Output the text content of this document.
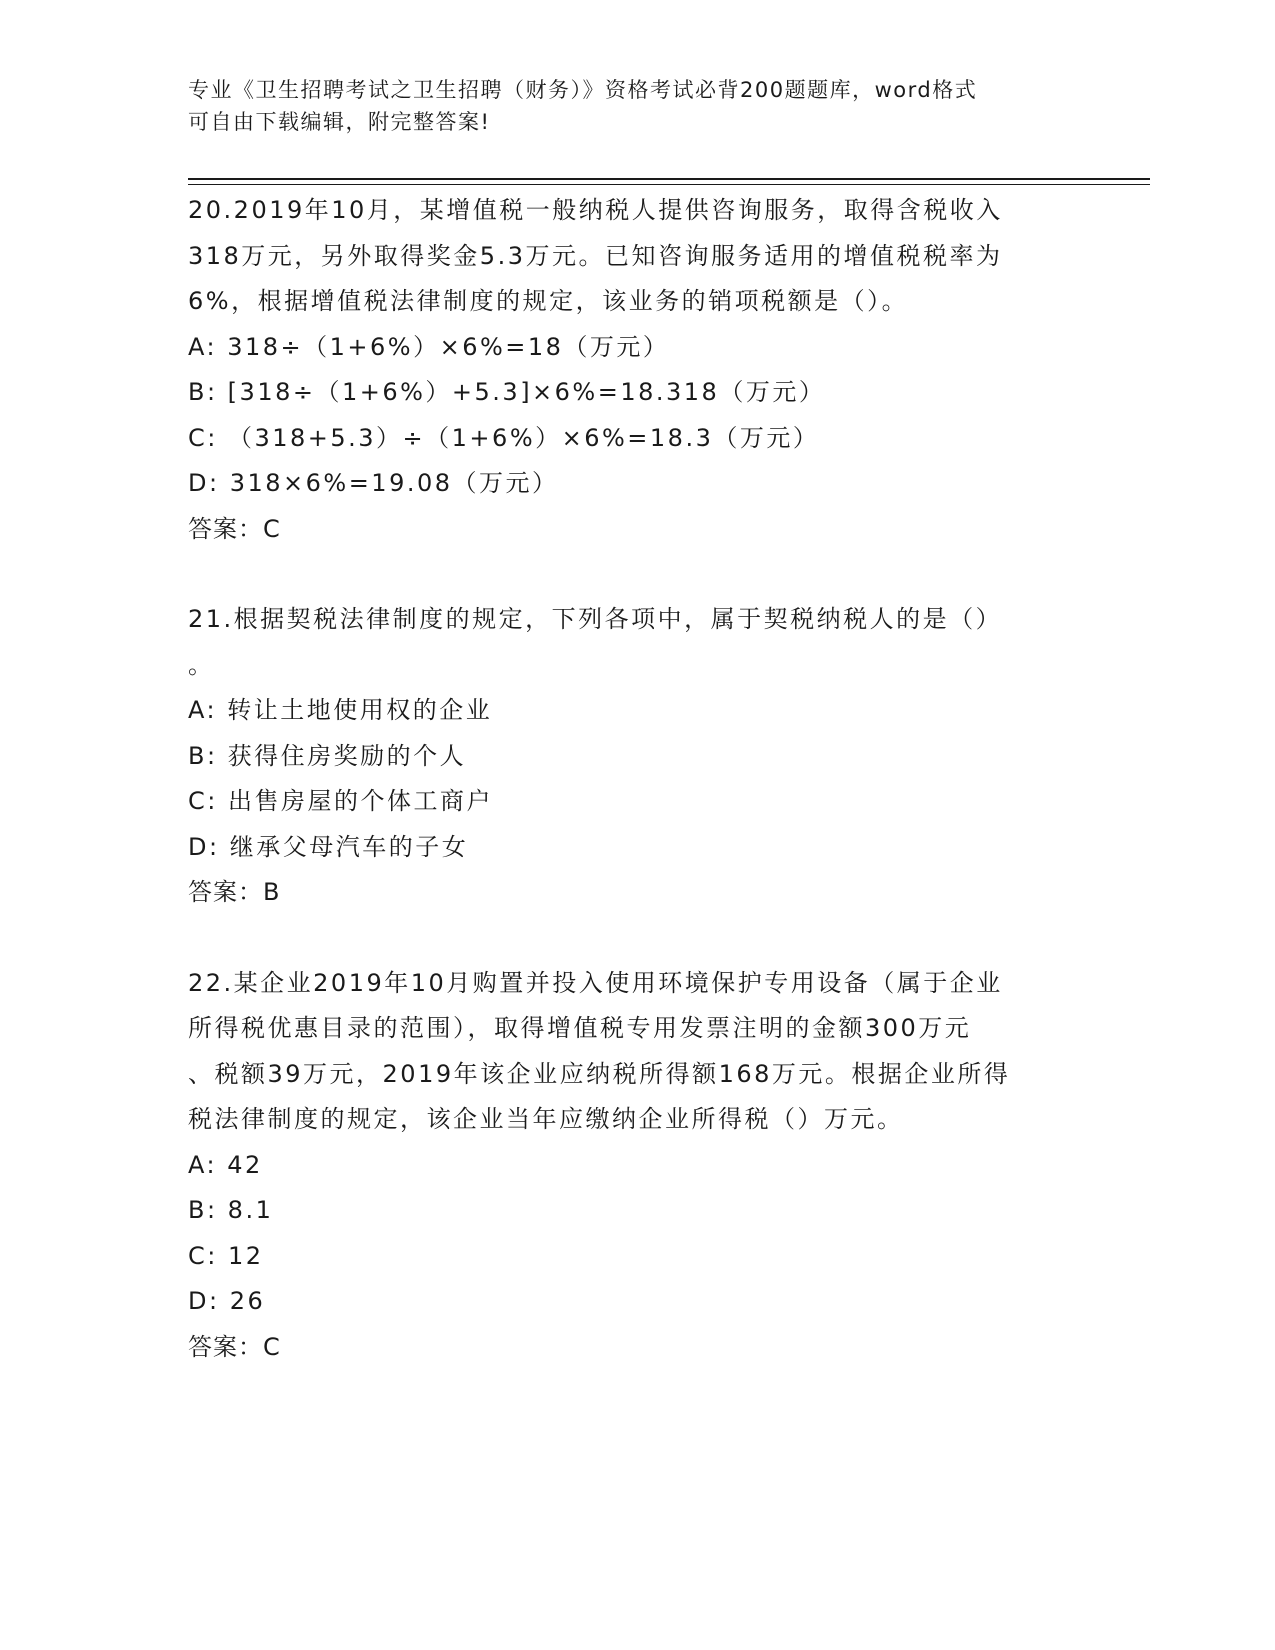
专业《卫生招聘考试之卫生招聘（财务）》资格考试必背200题题库，word格式
可自由下载编辑，附完整答案!

20.2019年10月，某增值税一般纳税人提供咨询服务，取得含税收入

318万元，另外取得奖金5.3万元。已知咨询服务适用的增值税税率为

6%，根据增值税法律制度的规定，该业务的销项税额是（）。

A: 318÷（1+6%）×6%=18（万元）

B: [318÷（1+6%）+5.3]×6%=18.318（万元）

C: （318+5.3）÷（1+6%）×6%=18.3（万元）

D: 318×6%=19.08（万元）

答案：C

21.根据契税法律制度的规定，下列各项中，属于契税纳税人的是（）

。

A: 转让土地使用权的企业

B: 获得住房奖励的个人

C: 出售房屋的个体工商户

D: 继承父母汽车的子女

答案：B

22.某企业2019年10月购置并投入使用环境保护专用设备（属于企业

所得税优惠目录的范围），取得增值税专用发票注明的金额300万元

、税额39万元，2019年该企业应纳税所得额168万元。根据企业所得

税法律制度的规定，该企业当年应缴纳企业所得税（）万元。

A: 42

B: 8.1

C: 12

D: 26

答案：C
